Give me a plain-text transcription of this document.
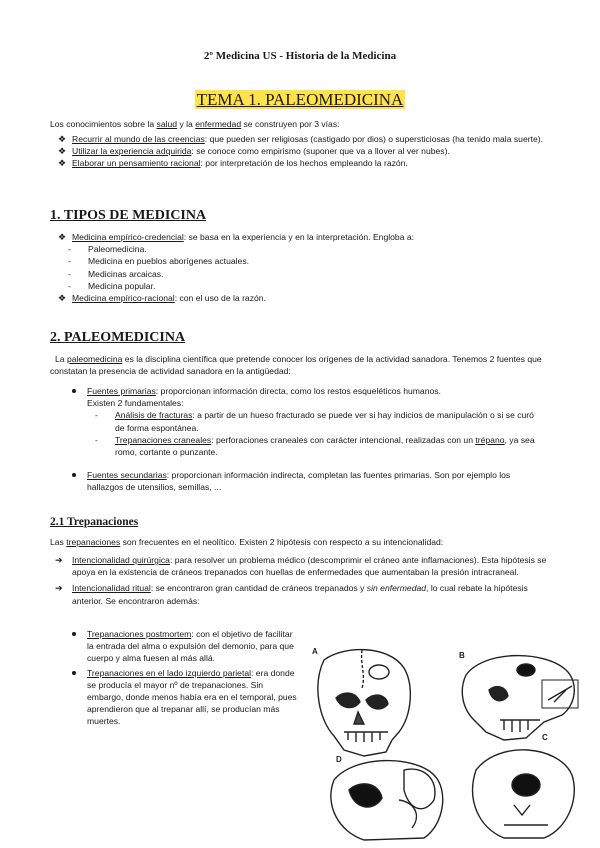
2º Medicina US - Historia de la Medicina
TEMA 1. PALEOMEDICINA

Los conocimientos sobre la salud y la enfermedad se construyen por 3 vías:

❖ Recurrir al mundo de las creencias: que pueden ser religiosas (castigado por dios) o supersticiosas (ha tenido mala suerte).
❖ Utilizar la experiencia adquirida: se conoce como empirismo (suponer que va a llover al ver nubes).
❖ Elaborar un pensamiento racional: por interpretación de los hechos empleando la razón.
1. TIPOS DE MEDICINA
❖ Medicina empírico-credencial: se basa en la experiencia y en la interpretación. Engloba a:
- Paleomedicina.
- Medicina en pueblos aborígenes actuales.
- Medicinas arcaicas.
- Medicina popular.
❖ Medicina empírico-racional: con el uso de la razón.
2. PALEOMEDICINA

La paleomedicina es la disciplina científica que pretende conocer los orígenes de la actividad sanadora. Tenemos 2 fuentes que constatan la presencia de actividad sanadora en la antigüedad:

Fuentes primarias: proporcionan información directa, como los restos esqueléticos humanos.
Existen 2 fundamentales:
- Análisis de fracturas: a partir de un hueso fracturado se puede ver si hay indicios de manipulación o si se curó de forma espontánea.
- Trepanaciones craneales: perforaciones craneales con carácter intencional, realizadas con un trépano, ya sea romo, cortante o punzante.
Fuentes secundarias: proporcionan información indirecta, completan las fuentes primarias. Son por ejemplo los hallazgos de utensilios, semillas, ...
2.1 Trepanaciones

Las trepanaciones son frecuentes en el neolítico. Existen 2 hipótesis con respecto a su intencionalidad:

➔ Intencionalidad quirúrgica: para resolver un problema médico (descomprimir el cráneo ante inflamaciones). Esta hipótesis se apoya en la existencia de cráneos trepanados con huellas de enfermedades que aumentaban la presión intracraneal.
➔ Intencionalidad ritual: se encontraron gran cantidad de cráneos trepanados y sin enfermedad, lo cual rebate la hipótesis anterior. Se encontraron además:
Trepanaciones postmortem: con el objetivo de facilitar la entrada del alma o expulsión del demonio, para que cuerpo y alma fuesen al más allá.
Trepanaciones en el lado izquierdo parietal: era donde se producía el mayor nº de trepanaciones. Sin embargo, donde menos había era en el temporal, pues aprendieron que al trepanar allí, se producían más muertes.
A	B
C
D
